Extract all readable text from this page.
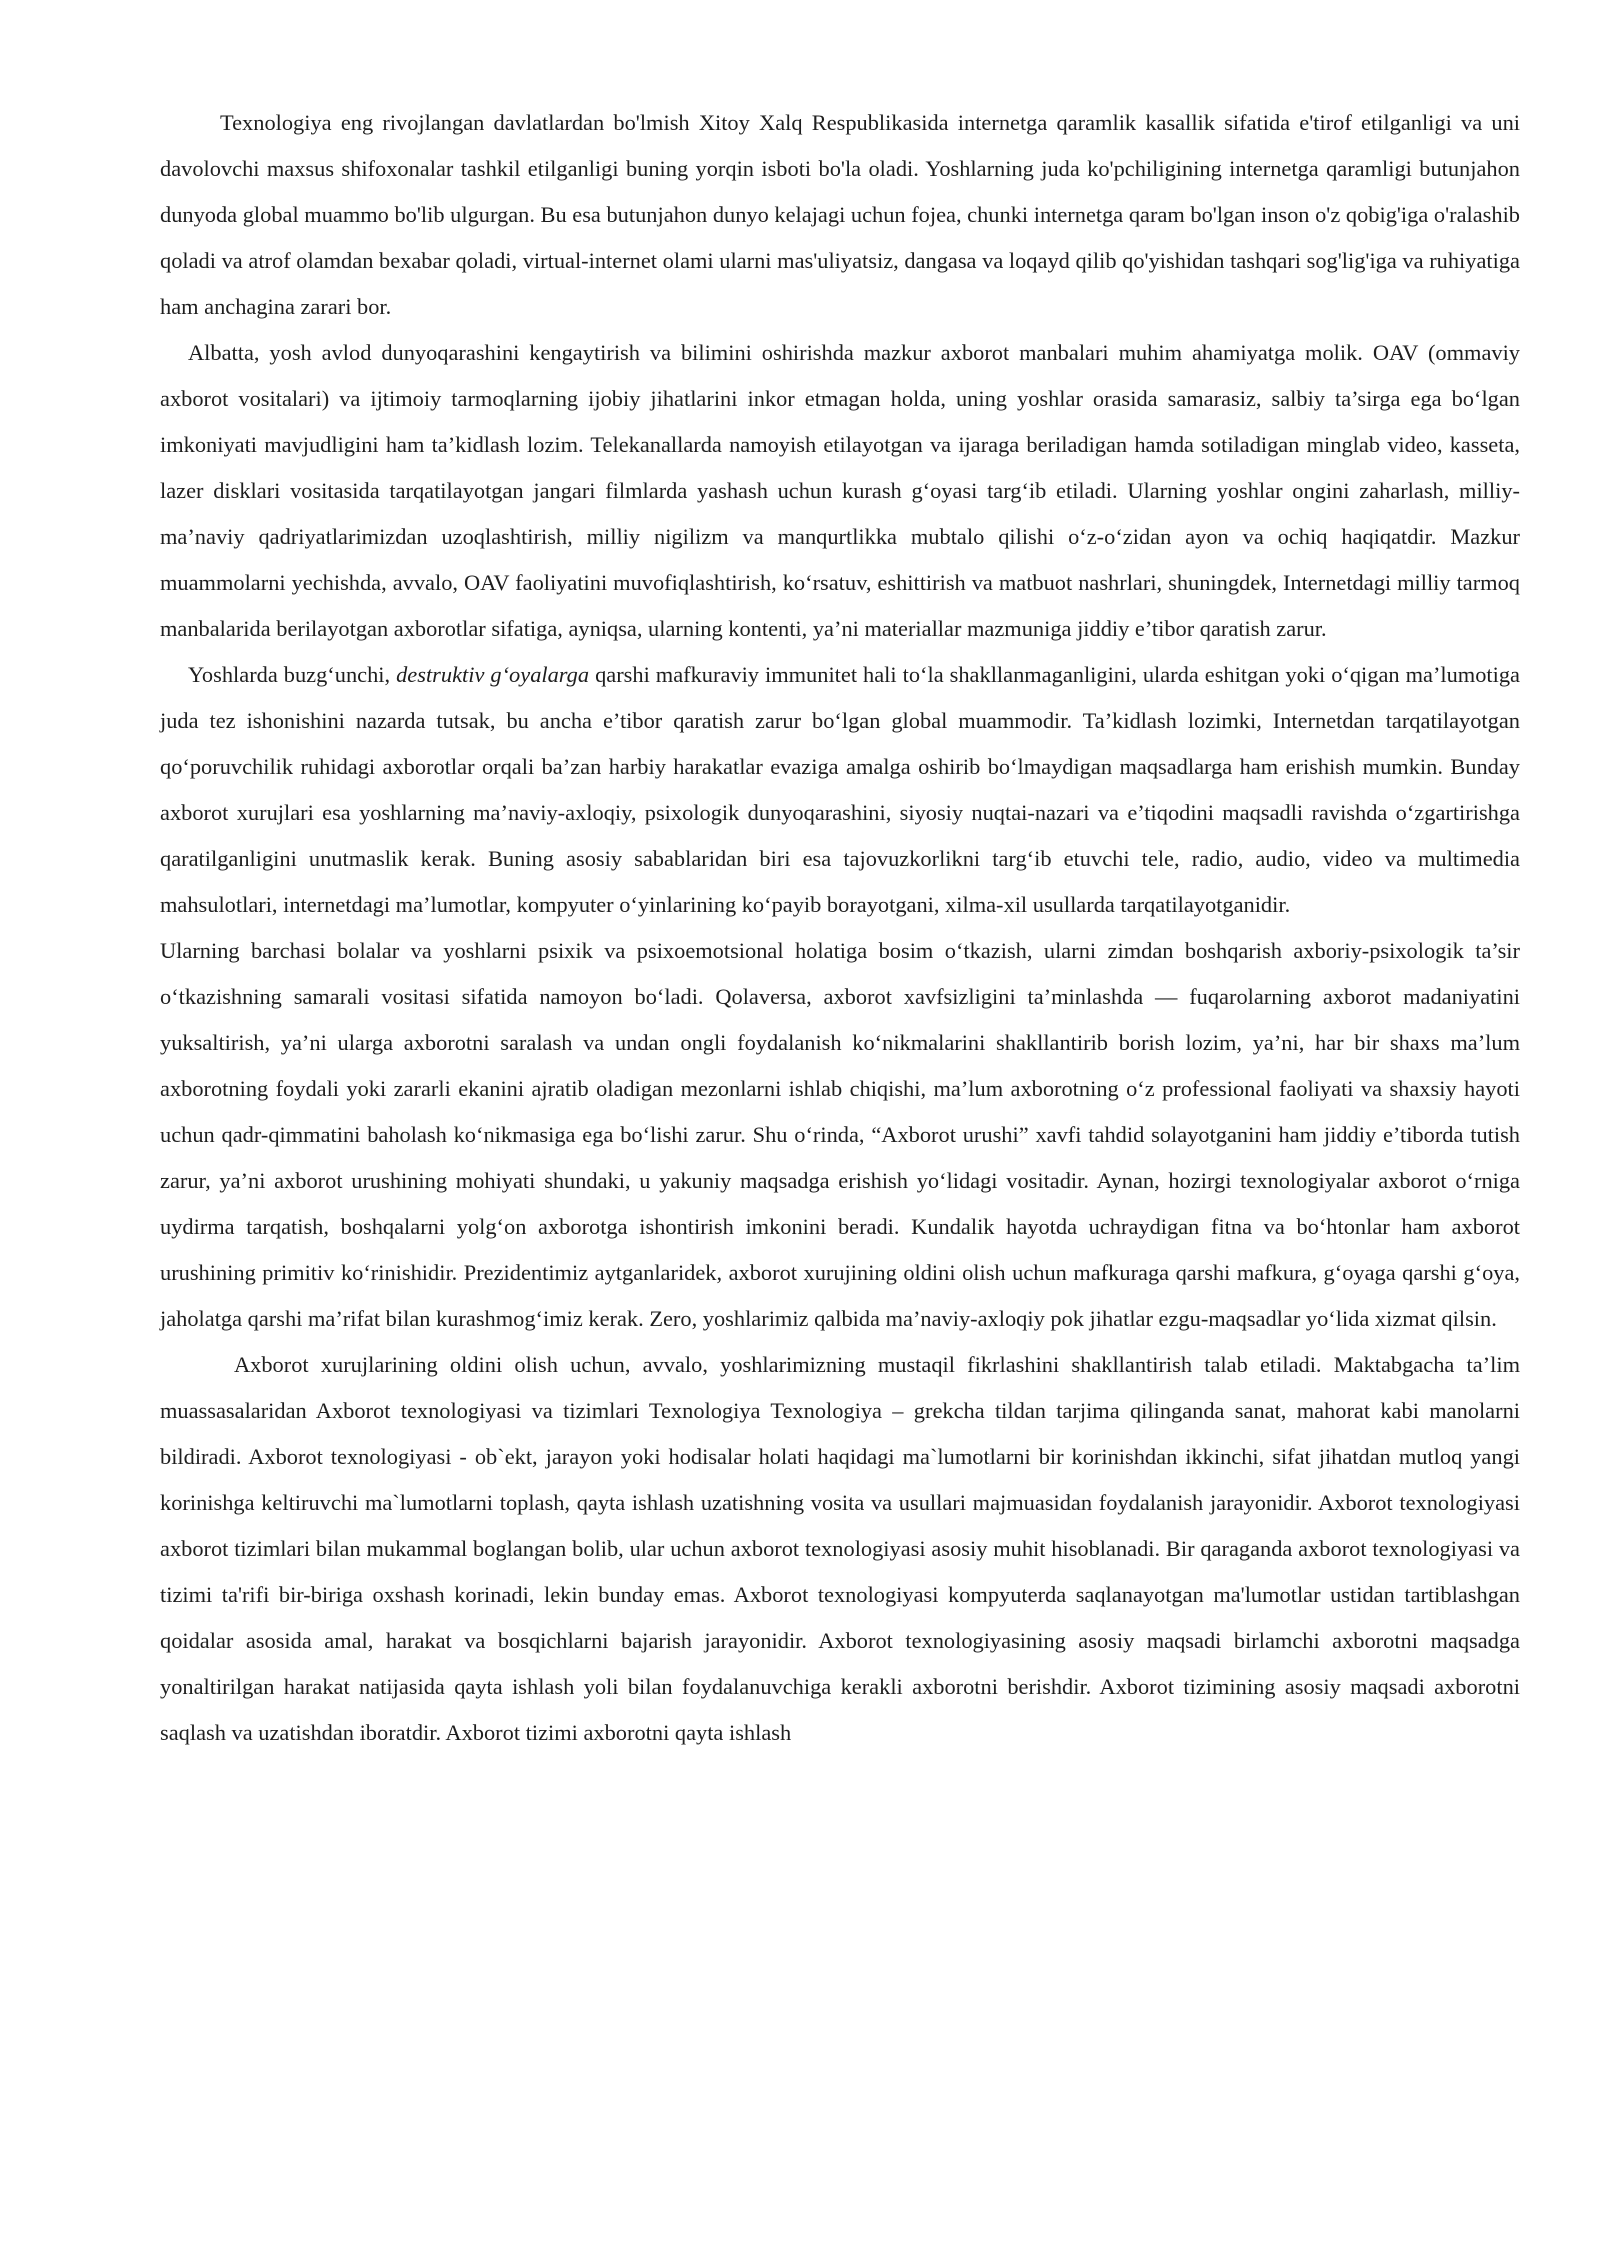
Texnologiya eng rivojlangan davlatlardan bo'lmish Xitoy Xalq Respublikasida internetga qaramlik kasallik sifatida e'tirof etilganligi va uni davolovchi maxsus shifoxonalar tashkil etilganligi buning yorqin isboti bo'la oladi. Yoshlarning juda ko'pchiligining internetga qaramligi butunjahon dunyoda global muammo bo'lib ulgurgan. Bu esa butunjahon dunyo kelajagi uchun fojea, chunki internetga qaram bo'lgan inson o'z qobig'iga o'ralashib qoladi va atrof olamdan bexabar qoladi, virtual-internet olami ularni mas'uliyatsiz, dangasa va loqayd qilib qo'yishidan tashqari sog'lig'iga va ruhiyatiga ham anchagina zarari bor.

Albatta, yosh avlod dunyoqarashini kengaytirish va bilimini oshirishda mazkur axborot manbalari muhim ahamiyatga molik. OAV (ommaviy axborot vositalari) va ijtimoiy tarmoqlarning ijobiy jihatlarini inkor etmagan holda, uning yoshlar orasida samarasiz, salbiy ta’sirga ega bo‘lgan imkoniyati mavjudligini ham ta’kidlash lozim. Telekanallarda namoyish etilayotgan va ijaraga beriladigan hamda sotiladigan minglab video, kasseta, lazer disklari vositasida tarqatilayotgan jangari filmlarda yashash uchun kurash g‘oyasi targ‘ib etiladi. Ularning yoshlar ongini zaharlash, milliy-ma’naviy qadriyatlarimizdan uzoqlashtirish, milliy nigilizm va manqurtlikka mubtalo qilishi o‘z-o‘zidan ayon va ochiq haqiqatdir. Mazkur muammolarni yechishda, avvalo, OAV faoliyatini muvofiqlashtirish, ko‘rsatuv, eshittirish va matbuot nashrlari, shuningdek, Internetdagi milliy tarmoq manbalarida berilayotgan axborotlar sifatiga, ayniqsa, ularning kontenti, ya’ni materiallar mazmuniga jiddiy e’tibor qaratish zarur.

Yoshlarda buzg‘unchi, destruktiv g‘oyalarga qarshi mafkuraviy immunitet hali to‘la shakllanmaganligini, ularda eshitgan yoki o‘qigan ma’lumotiga juda tez ishonishini nazarda tutsak, bu ancha e’tibor qaratish zarur bo‘lgan global muammodir. Ta’kidlash lozimki, Internetdan tarqatilayotgan qo‘poruvchilik ruhidagi axborotlar orqali ba’zan harbiy harakatlar evaziga amalga oshirib bo‘lmaydigan maqsadlarga ham erishish mumkin. Bunday axborot xurujlari esa yoshlarning ma’naviy-axloqiy, psixologik dunyoqarashini, siyosiy nuqtai-nazari va e’tiqodini maqsadli ravishda o‘zgartirishga qaratilganligini unutmaslik kerak. Buning asosiy sabablaridan biri esa tajovuzkorlikni targ‘ib etuvchi tele, radio, audio, video va multimedia mahsulotlari, internetdagi ma’lumotlar, kompyuter o‘yinlarining ko‘payib borayotgani, xilma-xil usullarda tarqatilayotganidir.

Ularning barchasi bolalar va yoshlarni psixik va psixoemotsional holatiga bosim o‘tkazish, ularni zimdan boshqarish axboriy-psixologik ta’sir o‘tkazishning samarali vositasi sifatida namoyon bo‘ladi. Qolaversa, axborot xavfsizligini ta’minlashda — fuqarolarning axborot madaniyatini yuksaltirish, ya’ni ularga axborotni saralash va undan ongli foydalanish ko‘nikmalarini shakllantirib borish lozim, ya’ni, har bir shaxs ma’lum axborotning foydali yoki zararli ekanini ajratib oladigan mezonlarni ishlab chiqishi, ma’lum axborotning o‘z professional faoliyati va shaxsiy hayoti uchun qadr-qimmatini baholash ko‘nikmasiga ega bo‘lishi zarur. Shu o‘rinda, “Axborot urushi” xavfi tahdid solayotganini ham jiddiy e’tiborda tutish zarur, ya’ni axborot urushining mohiyati shundaki, u yakuniy maqsadga erishish yo‘lidagi vositadir. Aynan, hozirgi texnologiyalar axborot o‘rniga uydirma tarqatish, boshqalarni yolg‘on axborotga ishontirish imkonini beradi. Kundalik hayotda uchraydigan fitna va bo‘htonlar ham axborot urushining primitiv ko‘rinishidir. Prezidentimiz aytganlaridek, axborot xurujining oldini olish uchun mafkuraga qarshi mafkura, g‘oyaga qarshi g‘oya, jaholatga qarshi ma’rifat bilan kurashmog‘imiz kerak. Zero, yoshlarimiz qalbida ma’naviy-axloqiy pok jihatlar ezgu-maqsadlar yo‘lida xizmat qilsin.

Axborot xurujlarining oldini olish uchun, avvalo, yoshlarimizning mustaqil fikrlashini shakllantirish talab etiladi. Maktabgacha ta’lim muassasalaridan Axborot texnologiyasi va tizimlari Texnologiya Texnologiya – grekcha tildan tarjima qilinganda sanat, mahorat kabi manolarni bildiradi. Axborot texnologiyasi - ob`ekt, jarayon yoki hodisalar holati haqidagi ma`lumotlarni bir korinishdan ikkinchi, sifat jihatdan mutloq yangi korinishga keltiruvchi ma`lumotlarni toplash, qayta ishlash uzatishning vosita va usullari majmuasidan foydalanish jarayonidir. Axborot texnologiyasi axborot tizimlari bilan mukammal boglangan bolib, ular uchun axborot texnologiyasi asosiy muhit hisoblanadi. Bir qaraganda axborot texnologiyasi va tizimi ta'rifi bir-biriga oxshash korinadi, lekin bunday emas. Axborot texnologiyasi kompyuterda saqlanayotgan ma'lumotlar ustidan tartiblashgan qoidalar asosida amal, harakat va bosqichlarni bajarish jarayonidir. Axborot texnologiyasining asosiy maqsadi birlamchi axborotni maqsadga yonaltirilgan harakat natijasida qayta ishlash yoli bilan foydalanuvchiga kerakli axborotni berishdir. Axborot tizimining asosiy maqsadi axborotni saqlash va uzatishdan iboratdir. Axborot tizimi axborotni qayta ishlash
